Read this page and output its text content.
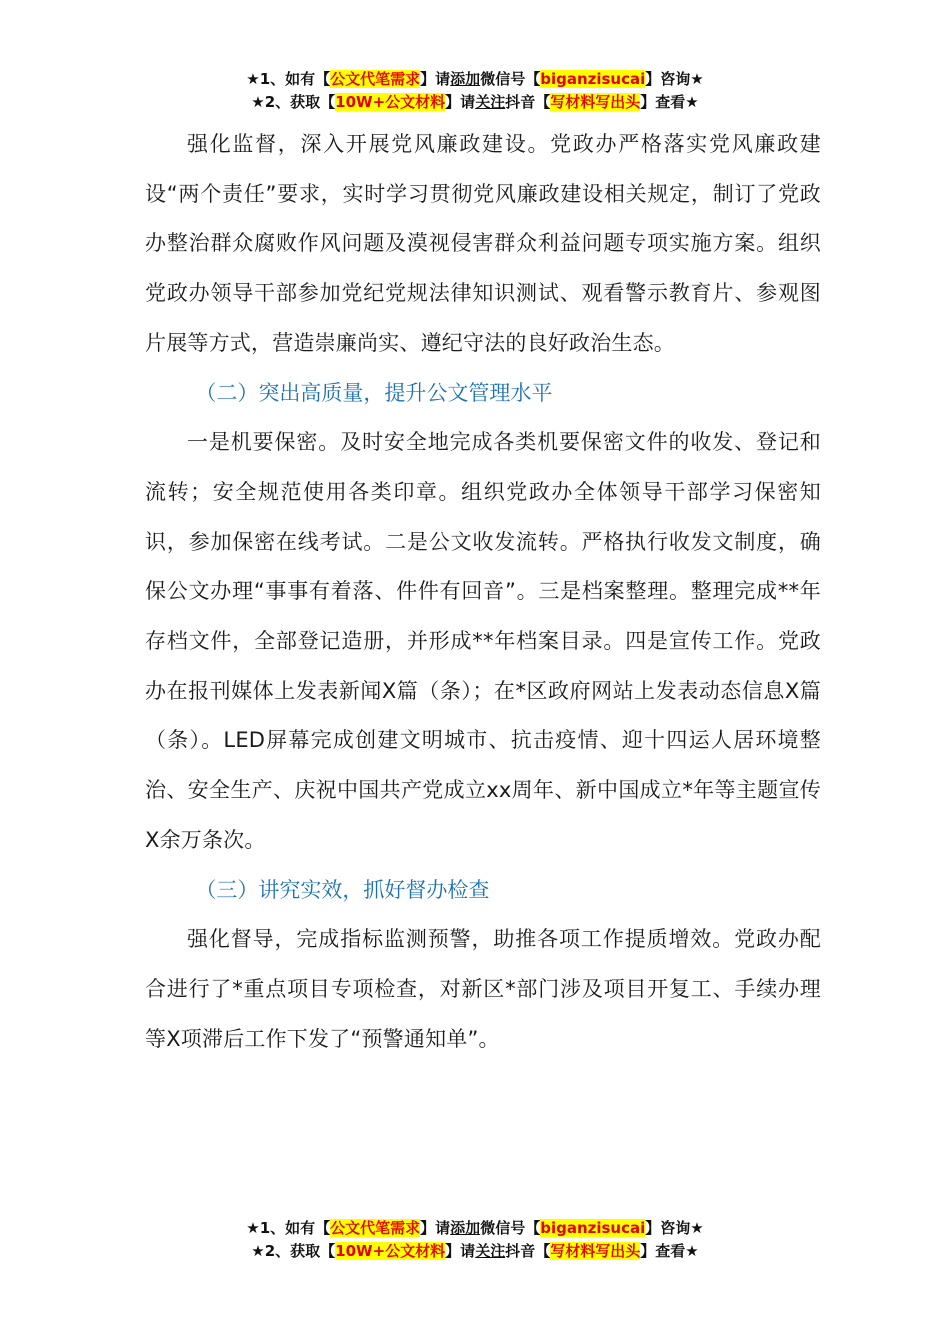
★1、如有【公文代笔需求】请添加微信号【biganzisucai】咨询★
★2、获取【10W+公文材料】请关注抖音【写材料写出头】查看★

强化监督，深入开展党风廉政建设。党政办严格落实党风廉政建设“两个责任”要求，实时学习贯彻党风廉政建设相关规定，制订了党政办整治群众腐败作风问题及漠视侵害群众利益问题专项实施方案。组织党政办领导干部参加党纪党规法律知识测试、观看警示教育片、参观图片展等方式，营造崇廉尚实、遵纪守法的良好政治生态。

（二）突出高质量，提升公文管理水平

一是机要保密。及时安全地完成各类机要保密文件的收发、登记和流转；安全规范使用各类印章。组织党政办全体领导干部学习保密知识，参加保密在线考试。二是公文收发流转。严格执行收发文制度，确保公文办理“事事有着落、件件有回音”。三是档案整理。整理完成**年存档文件，全部登记造册，并形成**年档案目录。四是宣传工作。党政办在报刊媒体上发表新闻X篇（条）；在*区政府网站上发表动态信息X篇（条）。LED屏幕完成创建文明城市、抗击疫情、迎十四运人居环境整治、安全生产、庆祝中国共产党成立xx周年、新中国成立*年等主题宣传X余万条次。

（三）讲究实效，抓好督办检查

强化督导，完成指标监测预警，助推各项工作提质增效。党政办配合进行了*重点项目专项检查，对新区*部门涉及项目开复工、手续办理等X项滞后工作下发了“预警通知单”。

★1、如有【公文代笔需求】请添加微信号【biganzisucai】咨询★
★2、获取【10W+公文材料】请关注抖音【写材料写出头】查看★
